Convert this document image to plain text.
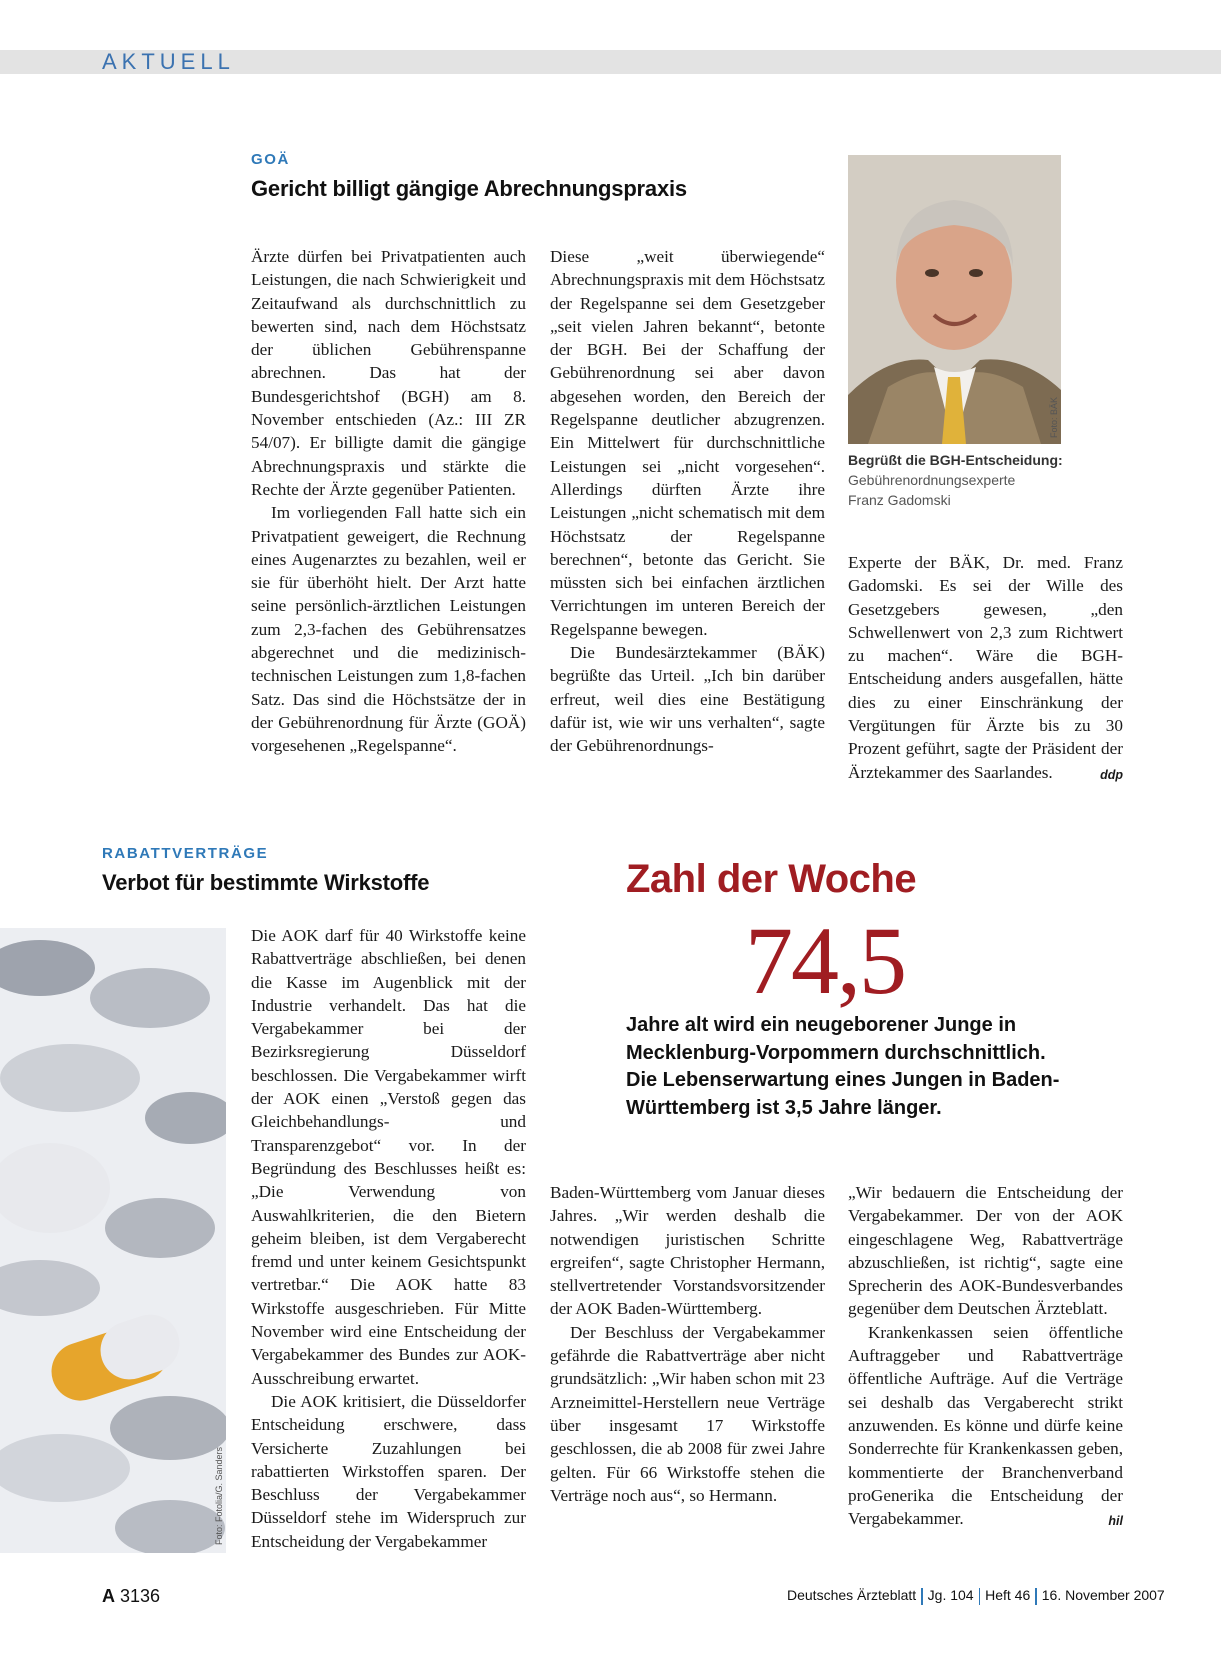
AKTUELL
GOÄ
Gericht billigt gängige Abrechnungspraxis

Ärzte dürfen bei Privatpatienten auch Leistungen, die nach Schwierigkeit und Zeitaufwand als durchschnittlich zu bewerten sind, nach dem Höchstsatz der üblichen Gebührenspanne abrechnen. Das hat der Bundesgerichtshof (BGH) am 8. November entschieden (Az.: III ZR 54/07). Er billigte damit die gängige Abrechnungspraxis und stärkte die Rechte der Ärzte gegenüber Patienten.

Im vorliegenden Fall hatte sich ein Privatpatient geweigert, die Rechnung eines Augenarztes zu bezahlen, weil er sie für überhöht hielt. Der Arzt hatte seine persönlich-ärztlichen Leistungen zum 2,3-fachen des Gebührensatzes abgerechnet und die medizinisch-technischen Leistungen zum 1,8-fachen Satz. Das sind die Höchstsätze der in der Gebührenordnung für Ärzte (GOÄ) vorgesehenen „Regelspanne“.

Diese „weit überwiegende“ Abrechnungspraxis mit dem Höchstsatz der Regelspanne sei dem Gesetzgeber „seit vielen Jahren bekannt“, betonte der BGH. Bei der Schaffung der Gebührenordnung sei aber davon abgesehen worden, den Bereich der Regelspanne deutlicher abzugrenzen. Ein Mittelwert für durchschnittliche Leistungen sei „nicht vorgesehen“. Allerdings dürften Ärzte ihre Leistungen „nicht schematisch mit dem Höchstsatz der Regelspanne berechnen“, betonte das Gericht. Sie müssten sich bei einfachen ärztlichen Verrichtungen im unteren Bereich der Regelspanne bewegen.

Die Bundesärztekammer (BÄK) begrüßte das Urteil. „Ich bin darüber erfreut, weil dies eine Bestätigung dafür ist, wie wir uns verhalten“, sagte der Gebührenordnungs-

Foto: BÄK
Begrüßt die BGH-Entscheidung:
Gebührenordnungsexperte
Franz Gadomski

Experte der BÄK, Dr. med. Franz Gadomski. Es sei der Wille des Gesetzgebers gewesen, „den Schwellenwert von 2,3 zum Richtwert zu machen“. Wäre die BGH-Entscheidung anders ausgefallen, hätte dies zu einer Einschränkung der Vergütungen für Ärzte bis zu 30 Prozent geführt, sagte der Präsident der Ärztekammer des Saarlandes.	ddp

RABATTVERTRÄGE
Verbot für bestimmte Wirkstoffe
Foto: Fotolia/G. Sanders

Die AOK darf für 40 Wirkstoffe keine Rabattverträge abschließen, bei denen die Kasse im Augenblick mit der Industrie verhandelt. Das hat die Vergabekammer bei der Bezirksregierung Düsseldorf beschlossen. Die Vergabekammer wirft der AOK einen „Verstoß gegen das Gleichbehandlungs- und Transparenzgebot“ vor. In der Begründung des Beschlusses heißt es: „Die Verwendung von Auswahlkriterien, die den Bietern geheim bleiben, ist dem Vergaberecht fremd und unter keinem Gesichtspunkt vertretbar.“ Die AOK hatte 83 Wirkstoffe ausgeschrieben. Für Mitte November wird eine Entscheidung der Vergabekammer des Bundes zur AOK-Ausschreibung erwartet.

Die AOK kritisiert, die Düsseldorfer Entscheidung erschwere, dass Versicherte Zuzahlungen bei rabattierten Wirkstoffen sparen. Der Beschluss der Vergabekammer Düsseldorf stehe im Widerspruch zur Entscheidung der Vergabekammer

Zahl der Woche
74,5
Jahre alt wird ein neugeborener Junge in Mecklenburg-Vorpommern durchschnittlich. Die Lebenserwartung eines Jungen in Baden-Württemberg ist 3,5 Jahre länger.

Baden-Württemberg vom Januar dieses Jahres. „Wir werden deshalb die notwendigen juristischen Schritte ergreifen“, sagte Christopher Hermann, stellvertretender Vorstandsvorsitzender der AOK Baden-Württemberg.

Der Beschluss der Vergabekammer gefährde die Rabattverträge aber nicht grundsätzlich: „Wir haben schon mit 23 Arzneimittel-Herstellern neue Verträge über insgesamt 17 Wirkstoffe geschlossen, die ab 2008 für zwei Jahre gelten. Für 66 Wirkstoffe stehen die Verträge noch aus“, so Hermann.

„Wir bedauern die Entscheidung der Vergabekammer. Der von der AOK eingeschlagene Weg, Rabattverträge abzuschließen, ist richtig“, sagte eine Sprecherin des AOK-Bundesverbandes gegenüber dem Deutschen Ärzteblatt.

Krankenkassen seien öffentliche Auftraggeber und Rabattverträge öffentliche Aufträge. Auf die Verträge sei deshalb das Vergaberecht strikt anzuwenden. Es könne und dürfe keine Sonderrechte für Krankenkassen geben, kommentierte der Branchenverband proGenerika die Entscheidung der Vergabekammer.	hil

A 3136	Deutsches Ärzteblatt Jg. 104 Heft 46 16. November 2007
